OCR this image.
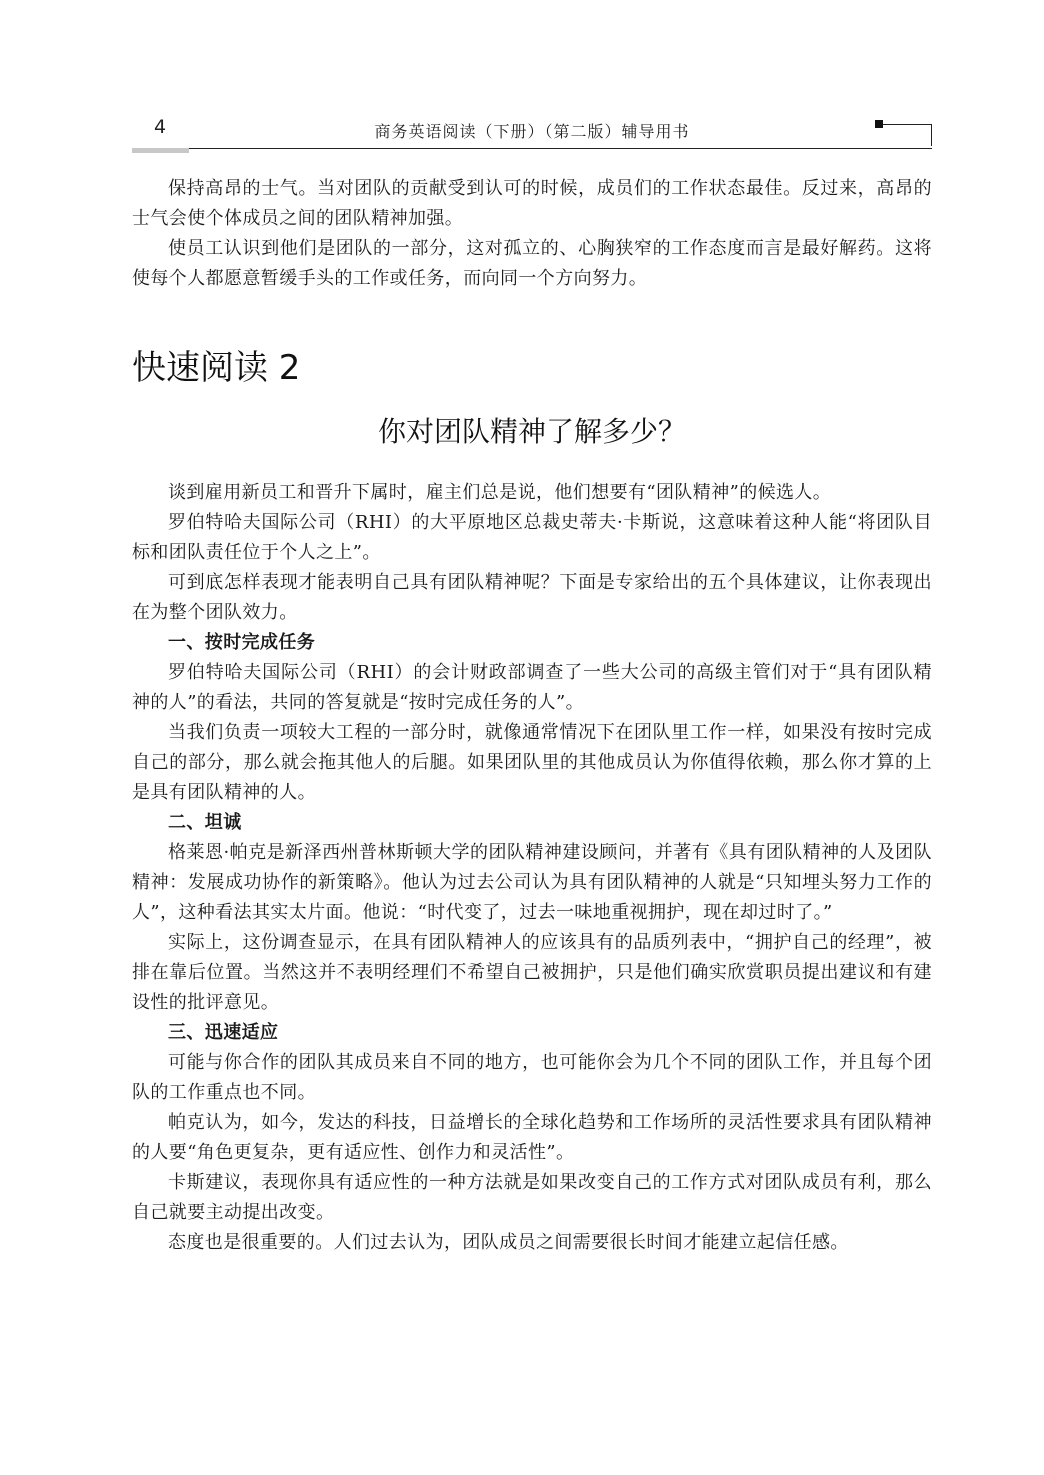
4	商务英语阅读（下册）（第二版）辅导用书

保持高昂的士气。当对团队的贡献受到认可的时候，成员们的工作状态最佳。反过来，高昂的士气会使个体成员之间的团队精神加强。

使员工认识到他们是团队的一部分，这对孤立的、心胸狭窄的工作态度而言是最好解药。这将使每个人都愿意暂缓手头的工作或任务，而向同一个方向努力。

快速阅读 2
你对团队精神了解多少？

谈到雇用新员工和晋升下属时，雇主们总是说，他们想要有“团队精神”的候选人。

罗伯特哈夫国际公司（RHI）的大平原地区总裁史蒂夫·卡斯说，这意味着这种人能“将团队目标和团队责任位于个人之上”。

可到底怎样表现才能表明自己具有团队精神呢？下面是专家给出的五个具体建议，让你表现出在为整个团队效力。

一、按时完成任务

罗伯特哈夫国际公司（RHI）的会计财政部调查了一些大公司的高级主管们对于“具有团队精神的人”的看法，共同的答复就是“按时完成任务的人”。

当我们负责一项较大工程的一部分时，就像通常情况下在团队里工作一样，如果没有按时完成自己的部分，那么就会拖其他人的后腿。如果团队里的其他成员认为你值得依赖，那么你才算的上是具有团队精神的人。

二、坦诚

格莱恩·帕克是新泽西州普林斯顿大学的团队精神建设顾问，并著有《具有团队精神的人及团队精神：发展成功协作的新策略》。他认为过去公司认为具有团队精神的人就是“只知埋头努力工作的人”，这种看法其实太片面。他说：“时代变了，过去一味地重视拥护，现在却过时了。”

实际上，这份调查显示，在具有团队精神人的应该具有的品质列表中，“拥护自己的经理”，被排在靠后位置。当然这并不表明经理们不希望自己被拥护，只是他们确实欣赏职员提出建议和有建设性的批评意见。

三、迅速适应

可能与你合作的团队其成员来自不同的地方，也可能你会为几个不同的团队工作，并且每个团队的工作重点也不同。

帕克认为，如今，发达的科技，日益增长的全球化趋势和工作场所的灵活性要求具有团队精神的人要“角色更复杂，更有适应性、创作力和灵活性”。

卡斯建议，表现你具有适应性的一种方法就是如果改变自己的工作方式对团队成员有利，那么自己就要主动提出改变。

态度也是很重要的。人们过去认为，团队成员之间需要很长时间才能建立起信任感。
